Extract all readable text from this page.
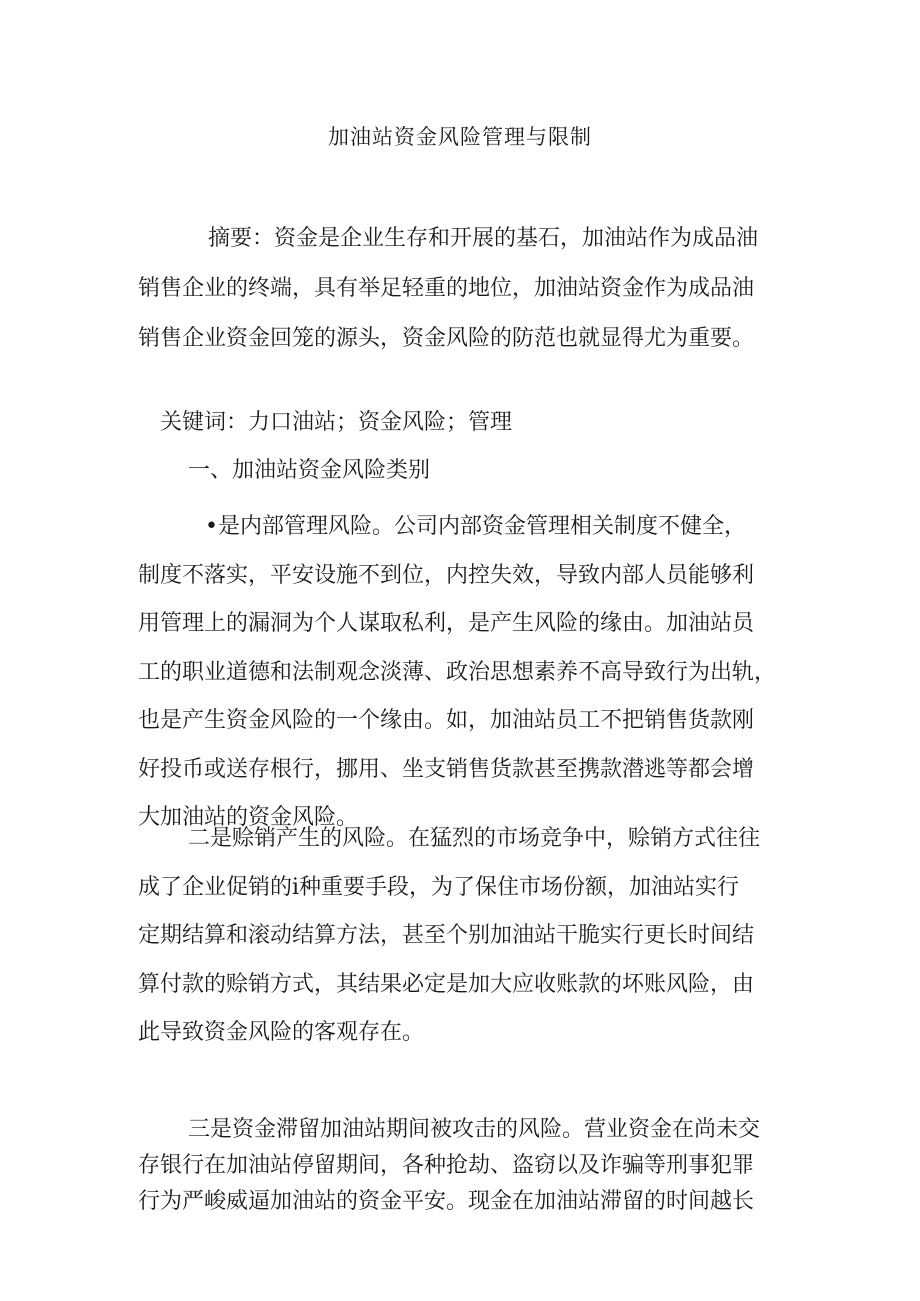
加油站资金风险管理与限制
摘要：资金是企业生存和开展的基石，加油站作为成品油
销售企业的终端，具有举足轻重的地位，加油站资金作为成品油
销售企业资金回笼的源头，资金风险的防范也就显得尤为重要。
关键词：力口油站；资金风险；管理
一、加油站资金风险类别
•是内部管理风险。公司内部资金管理相关制度不健全，
制度不落实，平安设施不到位，内控失效，导致内部人员能够利
用管理上的漏洞为个人谋取私利，是产生风险的缘由。加油站员
工的职业道德和法制观念淡薄、政治思想素养不高导致行为出轨，
也是产生资金风险的一个缘由。如，加油站员工不把销售货款刚
好投币或送存根行，挪用、坐支销售货款甚至携款潜逃等都会增
大加油站的资金风险。
二是赊销产生的风险。在猛烈的市场竞争中，赊销方式往往
成了企业促销的i种重要手段，为了保住市场份额，加油站实行
定期结算和滚动结算方法，甚至个别加油站干脆实行更长时间结
算付款的赊销方式，其结果必定是加大应收账款的坏账风险，由
此导致资金风险的客观存在。
三是资金滞留加油站期间被攻击的风险。营业资金在尚未交
存银行在加油站停留期间，各种抢劫、盗窃以及诈骗等刑事犯罪
行为严峻威逼加油站的资金平安。现金在加油站滞留的时间越长
